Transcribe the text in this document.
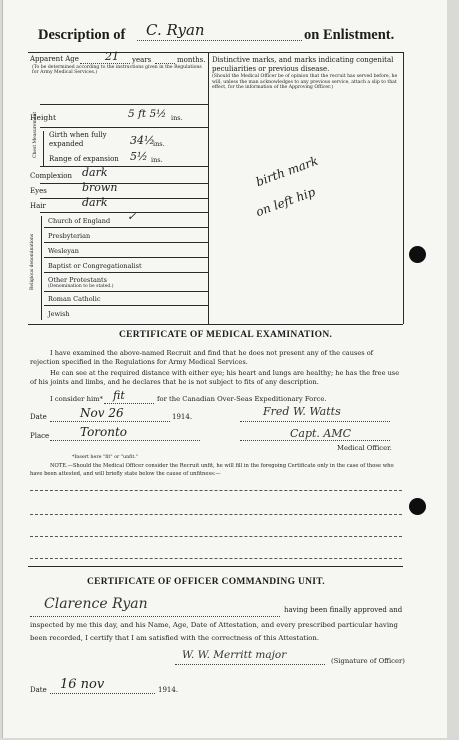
Description of C. Ryan	on Enlistment.
Apparent Age 21 years	months.
(To be determined according to the instructions given in the Regulations for Army Medical Services.)
Height	5 ft 5½ ins.
Chest Measurement Girth when fully expanded	34½
ins.
Range of expansion 5½ ins.
Complexion dark
Eyes	brown
Hair	dark
Religious denominations
Church of England ✓
Presbyterian
Wesleyan
Baptist or Congregationalist
Other Protestants
(Denomination to be stated.)
Roman Catholic
Jewish
Distinctive marks, and marks indicating congenital peculiarities or previous disease.
(Should the Medical Officer be of opinion that the recruit has served before, he will, unless the man acknowledges to any previous service, attach a slip to that effect, for the information of the Approving Officer.)
birth mark
on left hip
CERTIFICATE OF MEDICAL EXAMINATION.
I have examined the above-named Recruit and find that he does not present any of the causes of rejection specified in the Regulations for Army Medical Services.
He can see at the required distance with either eye; his heart and lungs are healthy; he has the free use of his joints and limbs, and he declares that he is not subject to fits of any description.
I consider him* fit	for the Canadian Over-Seas Expeditionary Force.
Date	Nov 26	1914.	Fred W. Watts
Place	Toronto	Capt. AMC
Medical Officer.
*Insert here "fit" or "unfit."
NOTE.—Should the Medical Officer consider the Recruit unfit, he will fill in the foregoing Certificate only in the case of those who have been attested, and will briefly state below the cause of unfitness:—
CERTIFICATE OF OFFICER COMMANDING UNIT.
Clarence Ryan	having been finally approved and
inspected by me this day, and his Name, Age, Date of Attestation, and every prescribed particular having
been recorded, I certify that I am satisfied with the correctness of this Attestation.
W. W. Merritt major	(Signature of Officer)
Date 16 nov	1914.
